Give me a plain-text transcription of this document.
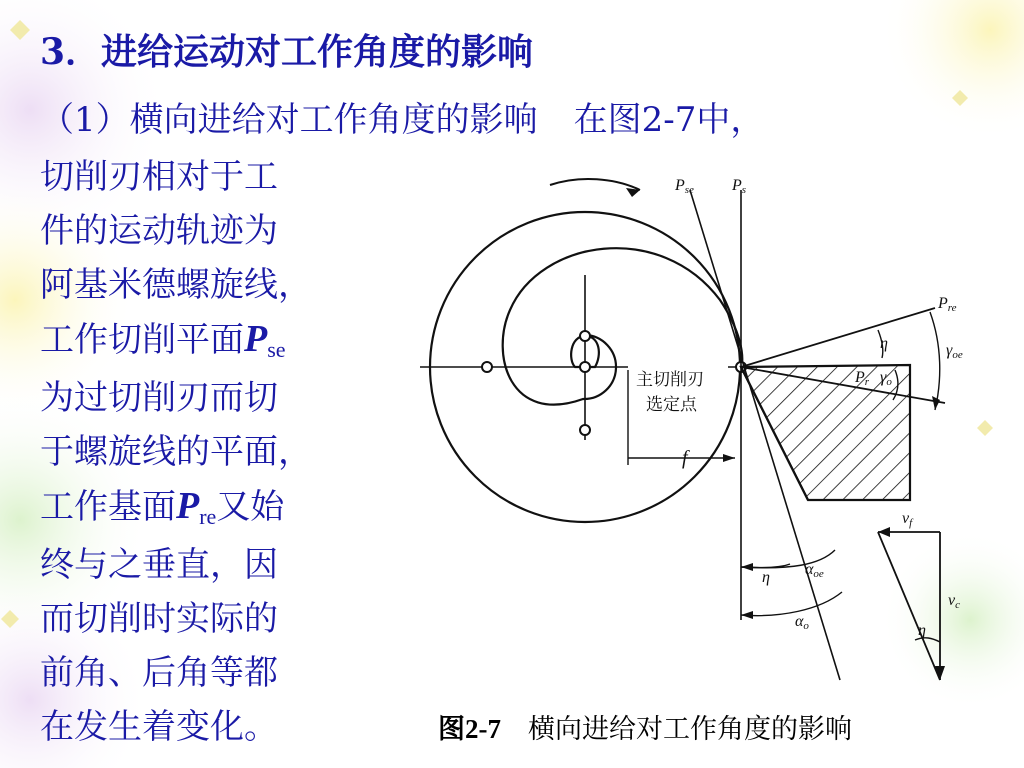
3．进给运动对工作角度的影响

（1）横向进给对工作角度的影响 在图2-7中，

切削刃相对于工

件的运动轨迹为

阿基米德螺旋线，

工作切削平面Pse

为过切削刃而切

于螺旋线的平面，

工作基面Pre又始

终与之垂直，因

而切削时实际的

前角、后角等都

在发生着变化。

主切削刃
选定点
f
Pse Ps
Pre
η	γoe
Pr γo
η αoe
αo
vf
vc
η

图2-7　 横向进给对工作角度的影响
